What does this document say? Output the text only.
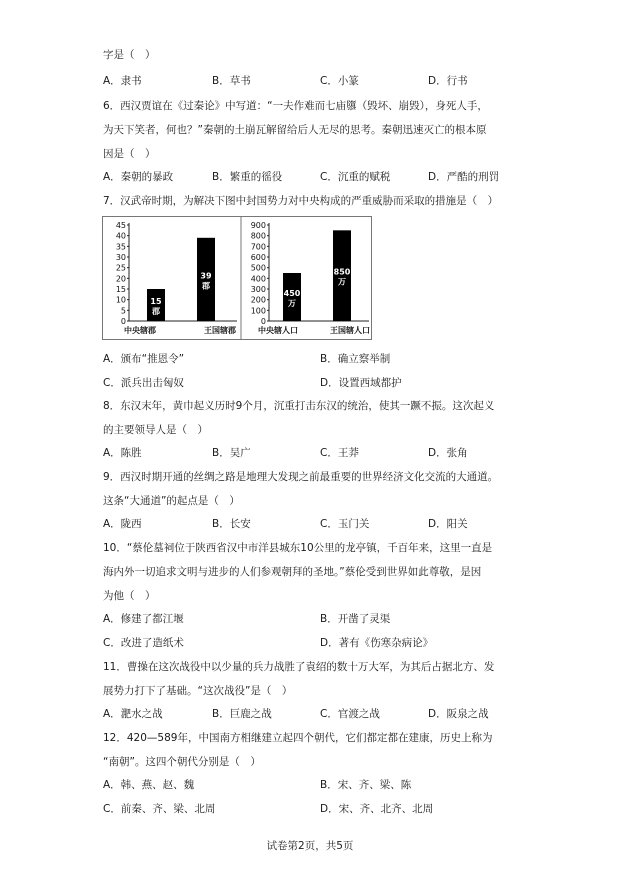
字是（　）
A．隶书	B．草书	C．小篆	D．行书
6．西汉贾谊在《过秦论》中写道：“一夫作难而七庙隳（毁坏、崩毁），身死人手，
为天下笑者，何也？”秦朝的土崩瓦解留给后人无尽的思考。秦朝迅速灭亡的根本原
因是（　）
A．秦朝的暴政	B．繁重的徭役	C．沉重的赋税	D．严酷的刑罚
7．汉武帝时期，为解决下图中封国势力对中央构成的严重威胁而采取的措施是（　）
0
5
10
15
20
25
30
35
40
45
15
郡
中央辖郡
39
郡
王国辖郡
0
100
200
300
400
500
600
700
800
900
450
万
中央辖人口
850
万
王国辖人口
A．颁布“推恩令”	B．确立察举制
C．派兵出击匈奴	D．设置西域都护
8．东汉末年，黄巾起义历时9个月，沉重打击东汉的统治，使其一蹶不振。这次起义
的主要领导人是（　）
A．陈胜	B．吴广	C．王莽	D．张角
9．西汉时期开通的丝绸之路是地理大发现之前最重要的世界经济文化交流的大通道。
这条“大通道”的起点是（　）
A．陇西	B．长安	C．玉门关	D．阳关
10．“蔡伦墓祠位于陕西省汉中市洋县城东10公里的龙亭镇，千百年来，这里一直是
海内外一切追求文明与进步的人们参观朝拜的圣地。”蔡伦受到世界如此尊敬，是因
为他（　）
A．修建了都江堰	B．开凿了灵渠
C．改进了造纸术	D．著有《伤寒杂病论》
11．曹操在这次战役中以少量的兵力战胜了袁绍的数十万大军，为其后占据北方、发
展势力打下了基础。“这次战役”是（　）
A．淝水之战	B．巨鹿之战	C．官渡之战	D．阪泉之战
12．420—589年，中国南方相继建立起四个朝代，它们都定都在建康，历史上称为
“南朝”。这四个朝代分别是（　）
A．韩、燕、赵、魏	B．宋、齐、梁、陈
C．前秦、齐、梁、北周	D．宋、齐、北齐、北周
试卷第2页，共5页
